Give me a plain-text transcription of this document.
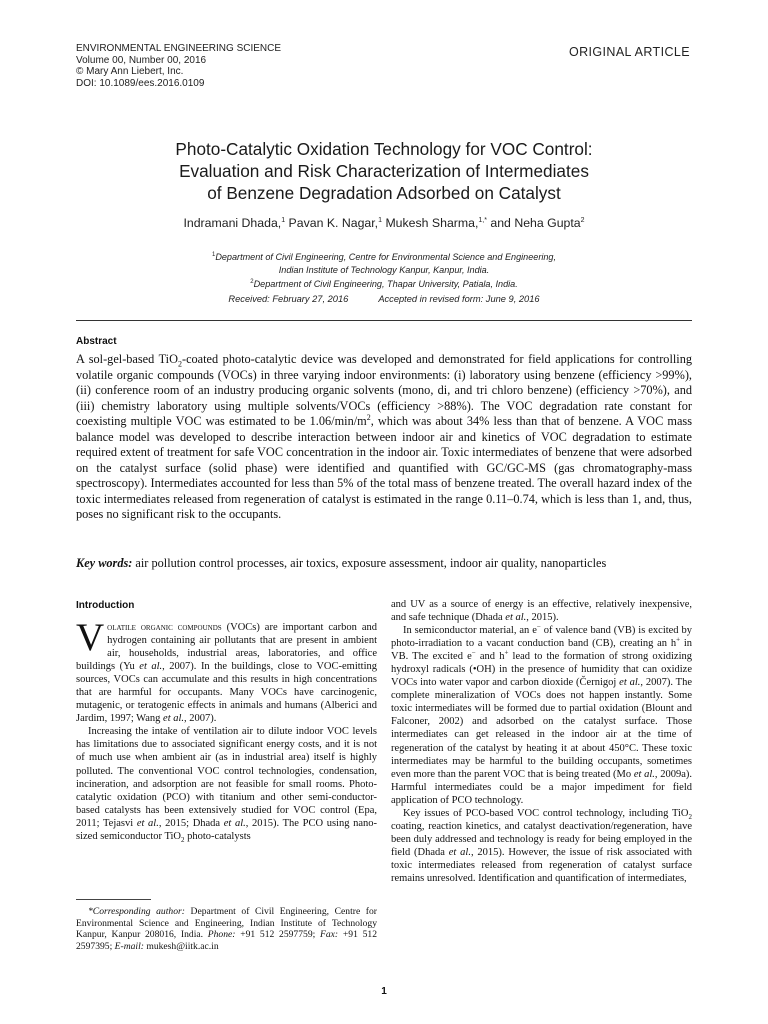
ENVIRONMENTAL ENGINEERING SCIENCE
Volume 00, Number 00, 2016
© Mary Ann Liebert, Inc.
DOI: 10.1089/ees.2016.0109
ORIGINAL ARTICLE
Photo-Catalytic Oxidation Technology for VOC Control:
Evaluation and Risk Characterization of Intermediates
of Benzene Degradation Adsorbed on Catalyst
Indramani Dhada,$^1$ Pavan K. Nagar,$^1$ Mukesh Sharma,$^{1,*}$ and Neha Gupta$^2$
$^1$Department of Civil Engineering, Centre for Environmental Science and Engineering,
Indian Institute of Technology Kanpur, Kanpur, India.
$^2$Department of Civil Engineering, Thapar University, Patiala, India.
Received: February 27, 2016	Accepted in revised form: June 9, 2016
Abstract
A sol-gel-based TiO$_2$-coated photo-catalytic device was developed and demonstrated for field applications for controlling volatile organic compounds (VOCs) in three varying indoor environments: (i) laboratory using benzene (efficiency >99%), (ii) conference room of an industry producing organic solvents (mono, di, and tri chloro benzene) (efficiency >70%), and (iii) chemistry laboratory using multiple solvents/VOCs (efficiency >88%). The VOC degradation rate constant for coexisting multiple VOC was estimated to be $1.06/\min/m^2$, which was about 34% less than that of benzene. A VOC mass balance model was developed to describe interaction between indoor air and kinetics of VOC degradation to estimate required extent of treatment for safe VOC concentration in the indoor air. Toxic intermediates of benzene that were adsorbed on the catalyst surface (solid phase) were identified and quantified with GC/GC-MS (gas chromatography-mass spectroscopy). Intermediates accounted for less than 5% of the total mass of benzene treated. The overall hazard index of the toxic intermediates released from regeneration of catalyst is estimated in the range 0.11–0.74, which is less than 1, and, thus, poses no significant risk to the occupants.
Key words: air pollution control processes, air toxics, exposure assessment, indoor air quality, nanoparticles
Introduction

Volatile organic compounds (VOCs) are important carbon and hydrogen containing air pollutants that are present in ambient air, households, industrial areas, laboratories, and office buildings (Yu et al., 2007). In the buildings, close to VOC-emitting sources, VOCs can accumulate and this results in high concentrations that are harmful for occupants. Many VOCs have carcinogenic, mutagenic, or teratogenic effects in animals and humans (Alberici and Jardim, 1997; Wang et al., 2007).

Increasing the intake of ventilation air to dilute indoor VOC levels has limitations due to associated significant energy costs, and it is not of much use when ambient air (as in industrial area) itself is highly polluted. The conventional VOC control technologies, condensation, incineration, and adsorption are not feasible for small rooms. Photo-catalytic oxidation (PCO) with titanium and other semi-conductor-based catalysts has been extensively studied for VOC control (Epa, 2011; Tejasvi et al., 2015; Dhada et al., 2015). The PCO using nano-sized semiconductor TiO$_2$ photo-catalysts

and UV as a source of energy is an effective, relatively inexpensive, and safe technique (Dhada et al., 2015).

In semiconductor material, an e− of valence band (VB) is excited by photo-irradiation to a vacant conduction band (CB), creating an h+ in VB. The excited e− and h+ lead to the formation of strong oxidizing hydroxyl radicals (•OH) in the presence of humidity that can oxidize VOCs into water vapor and carbon dioxide (Černigoj et al., 2007). The complete mineralization of VOCs does not happen instantly. Some toxic intermediates will be formed due to partial oxidation (Blount and Falconer, 2002) and adsorbed on the catalyst surface. Those intermediates can get released in the indoor air at the time of regeneration of the catalyst by heating it at about 450°C. These toxic intermediates may be harmful to the building occupants, sometimes even more than the parent VOC that is being treated (Mo et al., 2009a). Harmful intermediates could be a major impediment for field application of PCO technology.

Key issues of PCO-based VOC control technology, including TiO$_2$ coating, reaction kinetics, and catalyst deactivation/regeneration, have been duly addressed and technology is ready for being employed in the field (Dhada et al., 2015). However, the issue of risk associated with toxic intermediates released from regeneration of catalyst surface remains unresolved. Identification and quantification of intermediates,

*Corresponding author: Department of Civil Engineering, Centre for Environmental Science and Engineering, Indian Institute of Technology Kanpur, Kanpur 208016, India. Phone: +91 512 2597759; Fax: +91 512 2597395; E-mail: mukesh@iitk.ac.in
1
